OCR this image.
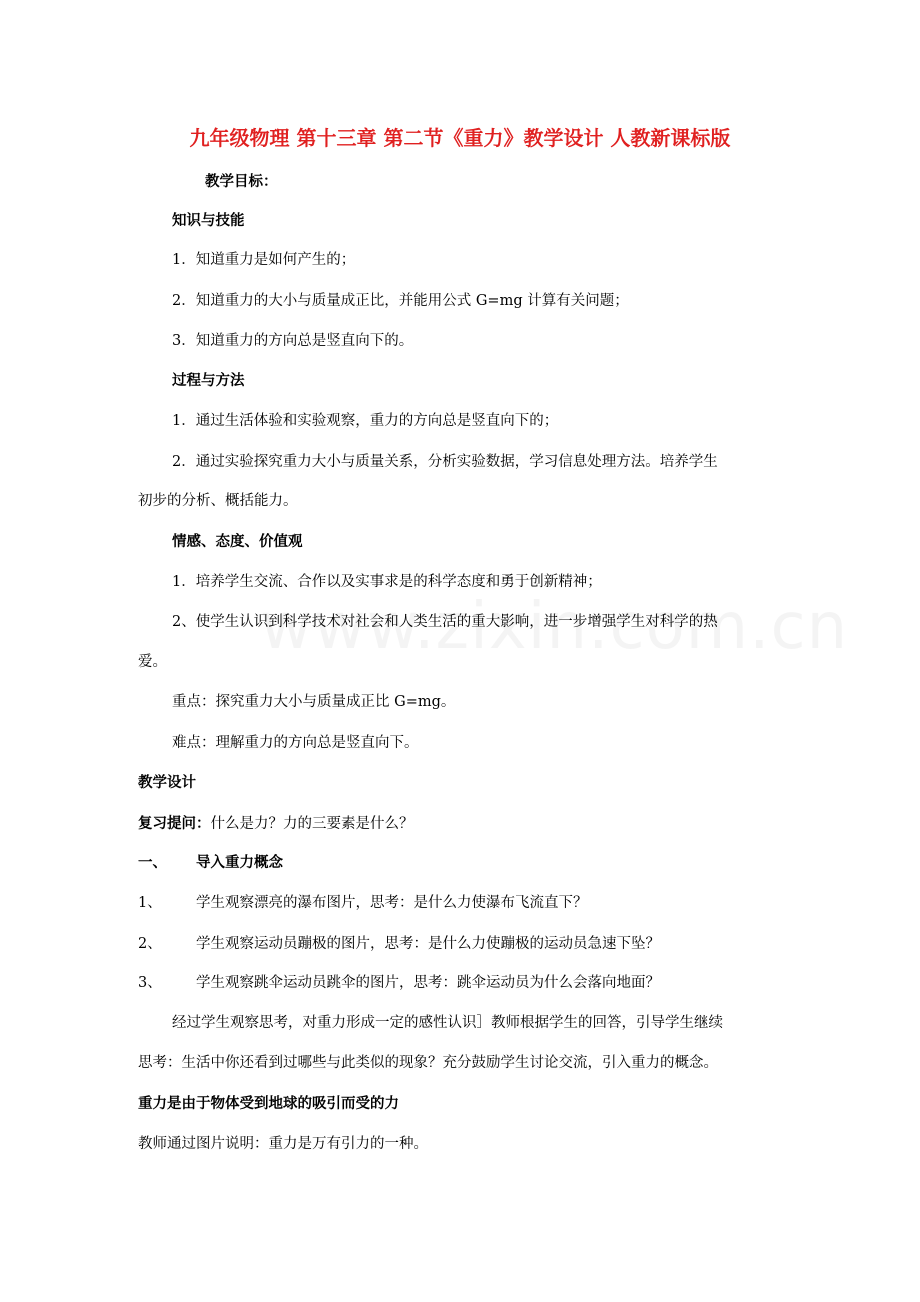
九年级物理 第十三章 第二节《重力》教学设计 人教新课标版
教学目标：
知识与技能
1．知道重力是如何产生的；
2．知道重力的大小与质量成正比，并能用公式 G=mg 计算有关问题；
3．知道重力的方向总是竖直向下的。
过程与方法
1．通过生活体验和实验观察，重力的方向总是竖直向下的；
2．通过实验探究重力大小与质量关系，分析实验数据，学习信息处理方法。培养学生
初步的分析、概括能力。
情感、态度、价值观
1．培养学生交流、合作以及实事求是的科学态度和勇于创新精神；
2、使学生认识到科学技术对社会和人类生活的重大影响，进一步增强学生对科学的热
爱。
重点：探究重力大小与质量成正比 G=mg。
难点：理解重力的方向总是竖直向下。
教学设计
复习提问：什么是力？力的三要素是什么？
一、 导入重力概念
1、 学生观察漂亮的瀑布图片，思考：是什么力使瀑布飞流直下？
2、 学生观察运动员蹦极的图片，思考：是什么力使蹦极的运动员急速下坠？
3、 学生观察跳伞运动员跳伞的图片，思考：跳伞运动员为什么会落向地面？
经过学生观察思考，对重力形成一定的感性认识］教师根据学生的回答，引导学生继续
思考：生活中你还看到过哪些与此类似的现象？充分鼓励学生讨论交流，引入重力的概念。
重力是由于物体受到地球的吸引而受的力
教师通过图片说明：重力是万有引力的一种。
